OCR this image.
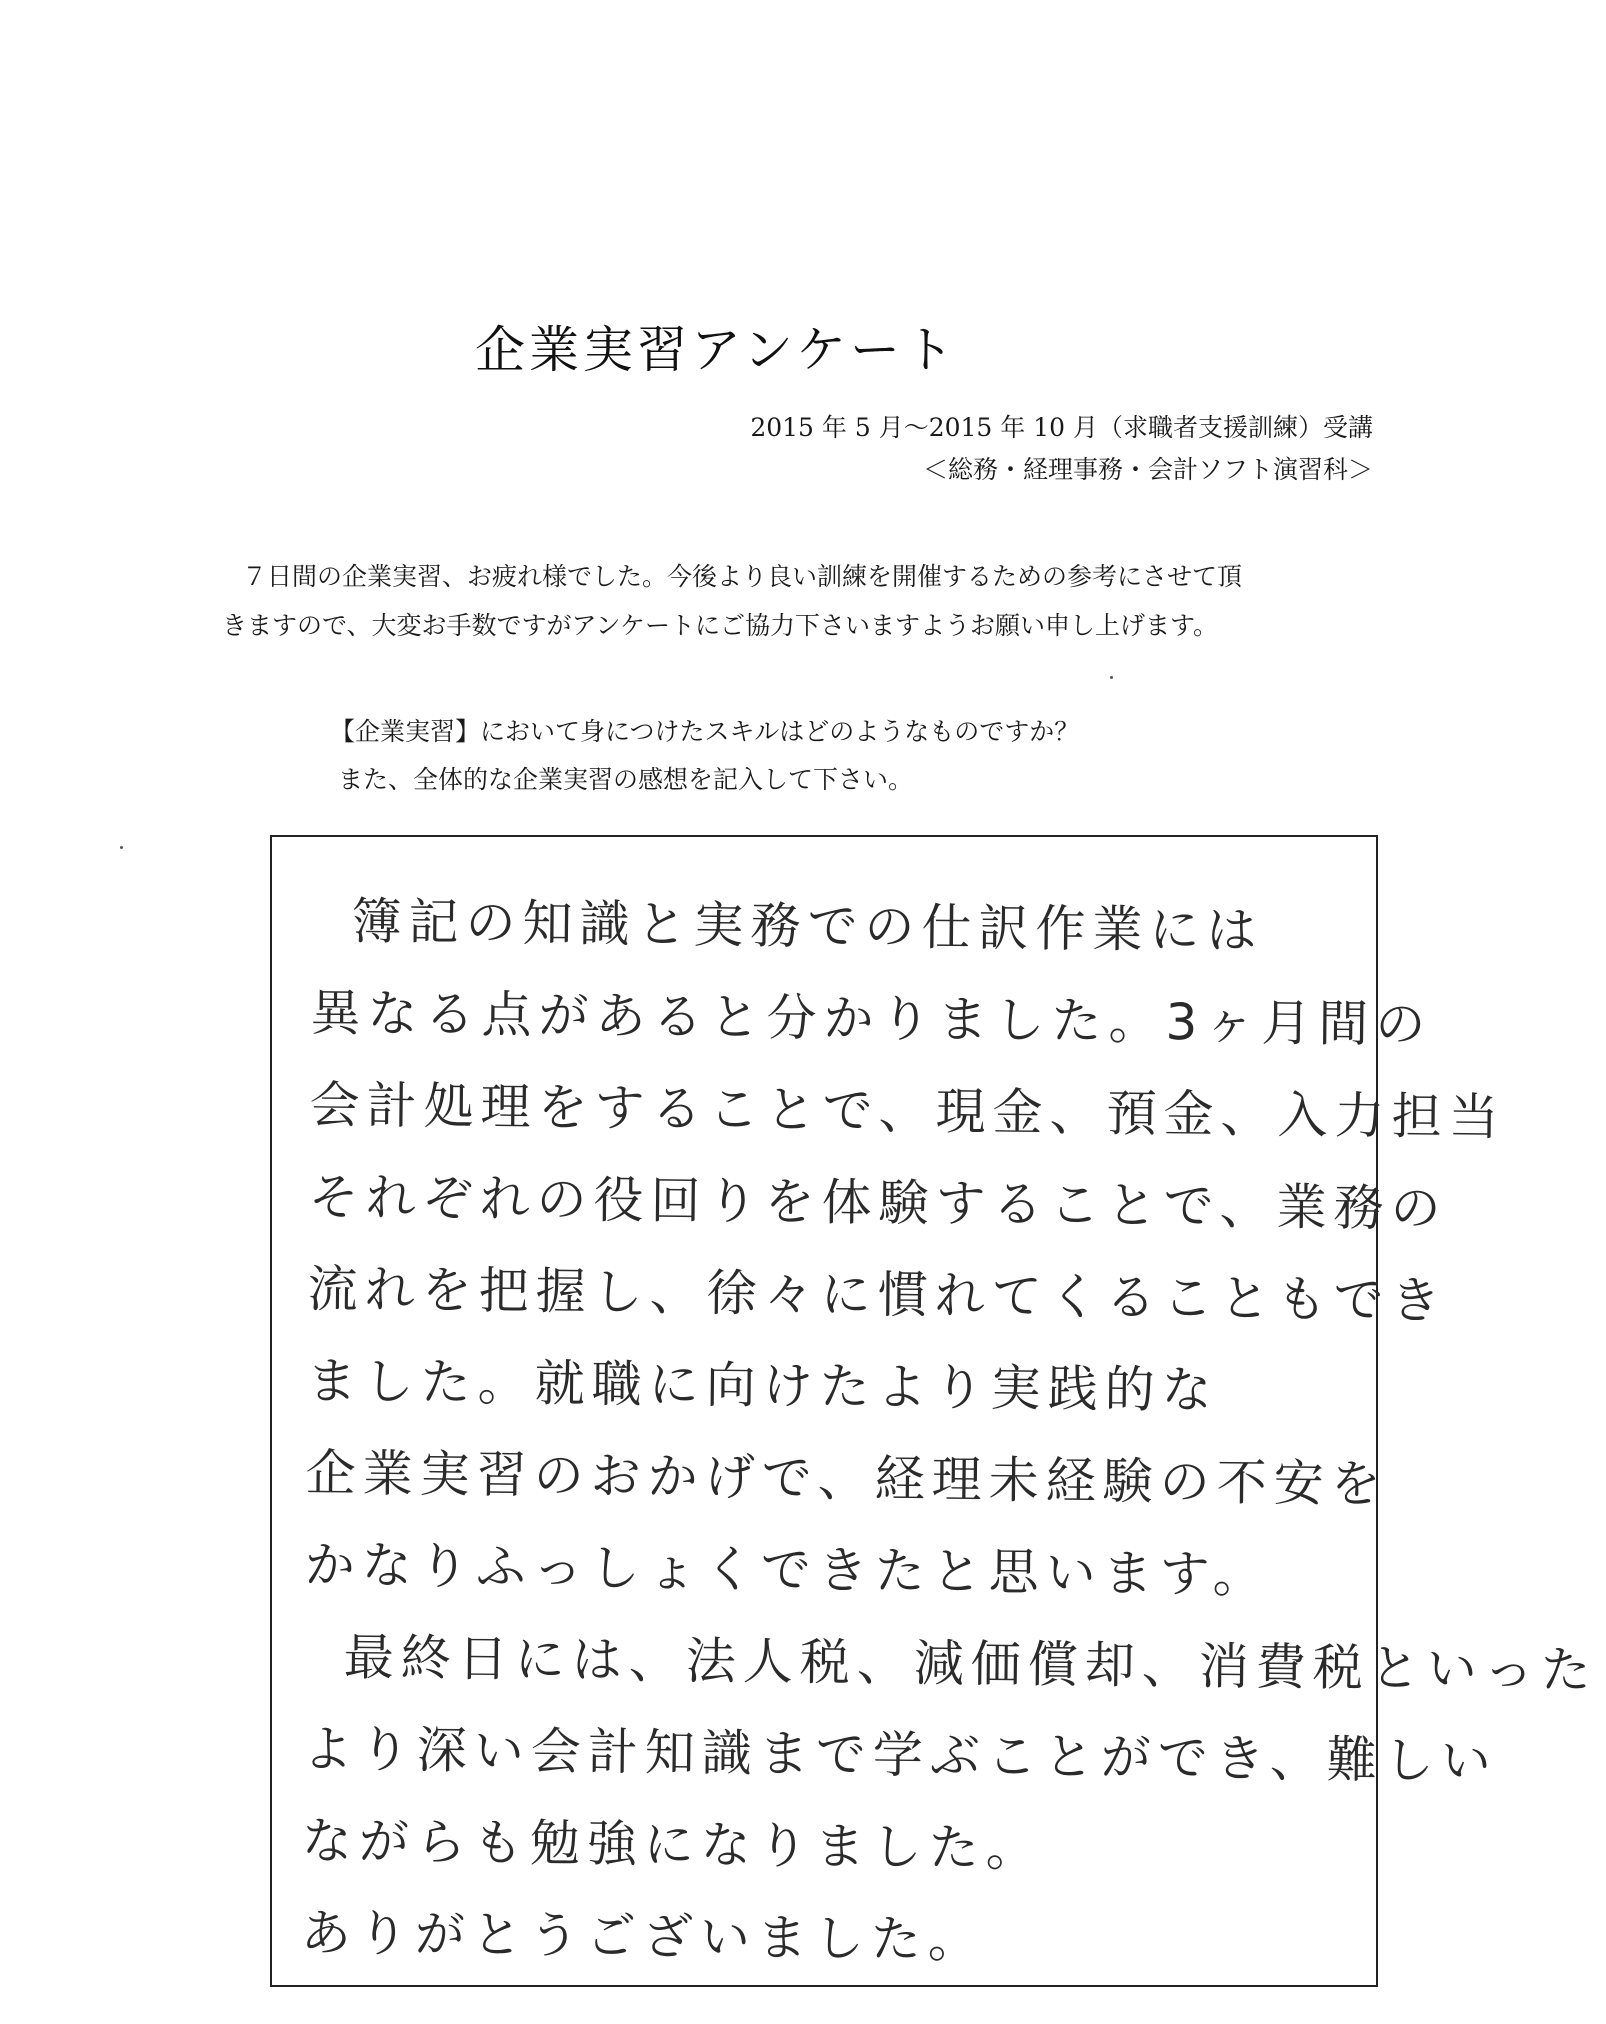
企業実習アンケート
2015 年 5 月～2015 年 10 月（求職者支援訓練）受講
＜総務・経理事務・会計ソフト演習科＞

７日間の企業実習、お疲れ様でした。今後より良い訓練を開催するための参考にさせて頂

きますので、大変お手数ですがアンケートにご協力下さいますようお願い申し上げます。

【企業実習】において身につけたスキルはどのようなものですか？

また、全体的な企業実習の感想を記入して下さい。

簿記の知識と実務での仕訳作業には

異なる点があると分かりました。3ヶ月間の

会計処理をすることで、現金、預金、入力担当

それぞれの役回りを体験することで、業務の

流れを把握し、徐々に慣れてくることもでき

ました。就職に向けたより実践的な

企業実習のおかげで、経理未経験の不安を

かなりふっしょくできたと思います。

最終日には、法人税、減価償却、消費税といった

より深い会計知識まで学ぶことができ、難しい

ながらも勉強になりました。

ありがとうございました。
